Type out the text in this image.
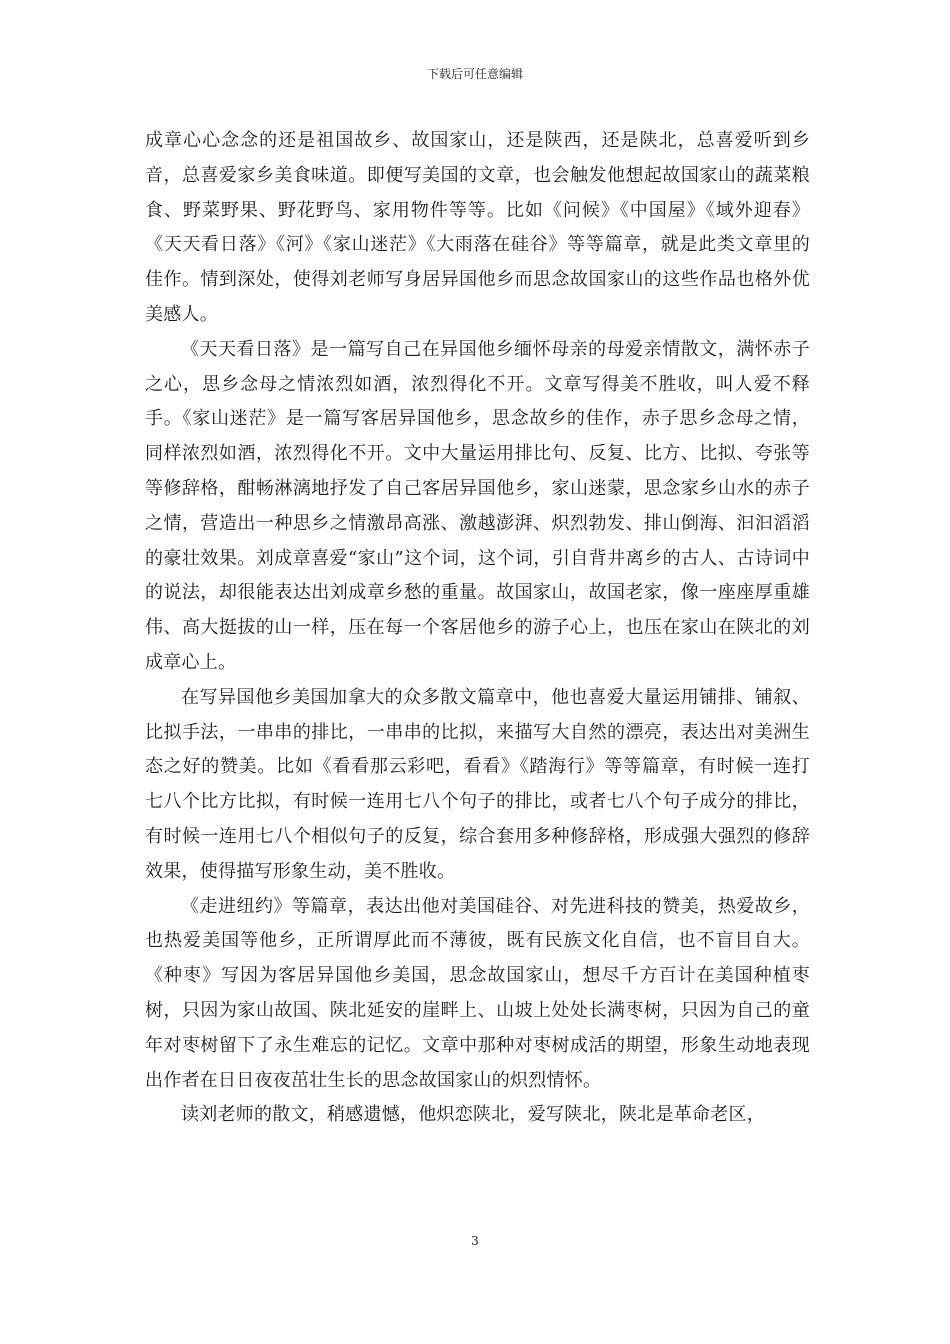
下载后可任意编辑

成章心心念念的还是祖国故乡、故国家山，还是陕西，还是陕北，总喜爱听到乡音，总喜爱家乡美食味道。即便写美国的文章，也会触发他想起故国家山的蔬菜粮食、野菜野果、野花野鸟、家用物件等等。比如《问候》《中国屋》《域外迎春》《天天看日落》《河》《家山迷茫》《大雨落在硅谷》等等篇章，就是此类文章里的佳作。情到深处，使得刘老师写身居异国他乡而思念故国家山的这些作品也格外优美感人。

《天天看日落》是一篇写自己在异国他乡缅怀母亲的母爱亲情散文，满怀赤子之心，思乡念母之情浓烈如酒，浓烈得化不开。文章写得美不胜收，叫人爱不释手。《家山迷茫》是一篇写客居异国他乡，思念故乡的佳作，赤子思乡念母之情，同样浓烈如酒，浓烈得化不开。文中大量运用排比句、反复、比方、比拟、夸张等等修辞格，酣畅淋漓地抒发了自己客居异国他乡，家山迷蒙，思念家乡山水的赤子之情，营造出一种思乡之情激昂高涨、激越澎湃、炽烈勃发、排山倒海、汩汩滔滔的豪壮效果。刘成章喜爱“家山”这个词，这个词，引自背井离乡的古人、古诗词中的说法，却很能表达出刘成章乡愁的重量。故国家山，故国老家，像一座座厚重雄伟、高大挺拔的山一样，压在每一个客居他乡的游子心上，也压在家山在陕北的刘成章心上。

在写异国他乡美国加拿大的众多散文篇章中，他也喜爱大量运用铺排、铺叙、比拟手法，一串串的排比，一串串的比拟，来描写大自然的漂亮，表达出对美洲生态之好的赞美。比如《看看那云彩吧，看看》《踏海行》等等篇章，有时候一连打七八个比方比拟，有时候一连用七八个句子的排比，或者七八个句子成分的排比，有时候一连用七八个相似句子的反复，综合套用多种修辞格，形成强大强烈的修辞效果，使得描写形象生动，美不胜收。

《走进纽约》等篇章，表达出他对美国硅谷、对先进科技的赞美，热爱故乡，也热爱美国等他乡，正所谓厚此而不薄彼，既有民族文化自信，也不盲目自大。《种枣》写因为客居异国他乡美国，思念故国家山，想尽千方百计在美国种植枣树，只因为家山故国、陕北延安的崖畔上、山坡上处处长满枣树，只因为自己的童年对枣树留下了永生难忘的记忆。文章中那种对枣树成活的期望，形象生动地表现出作者在日日夜夜茁壮生长的思念故国家山的炽烈情怀。

读刘老师的散文，稍感遗憾，他炽恋陕北，爱写陕北，陕北是革命老区，

3
